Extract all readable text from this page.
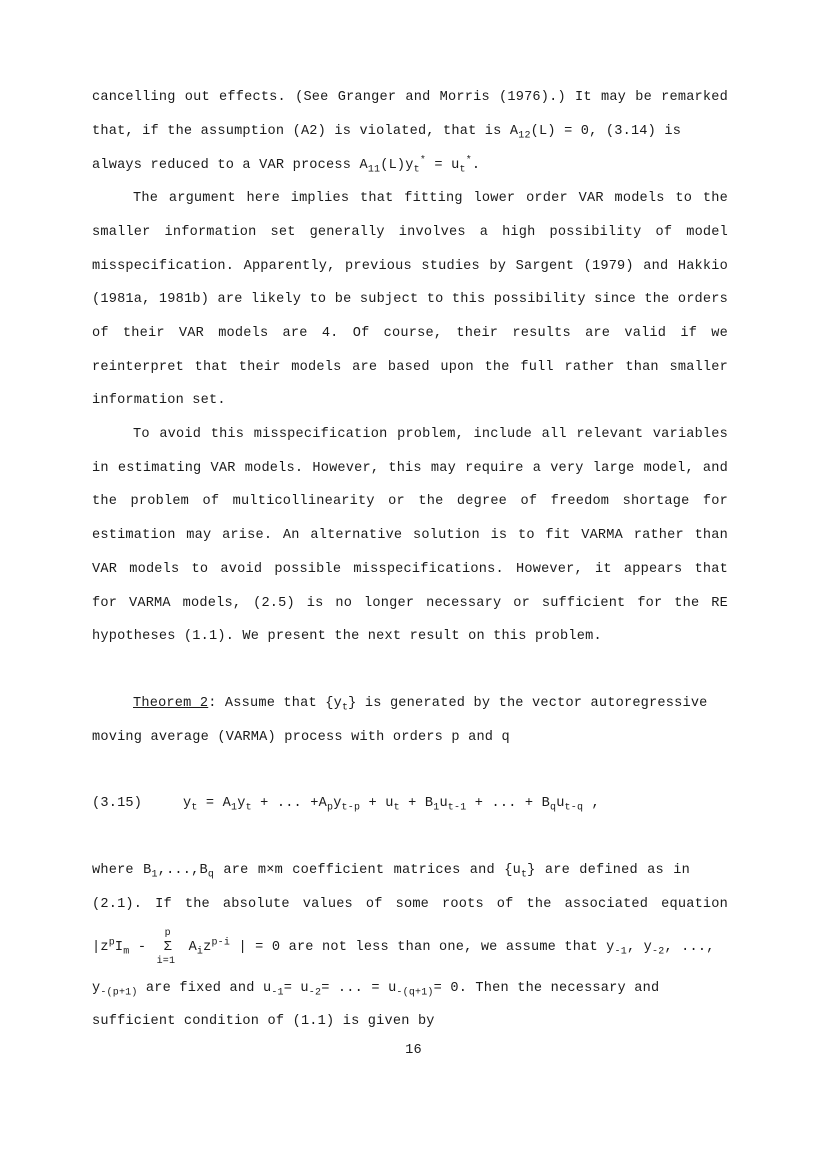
cancelling out effects. (See Granger and Morris (1976).) It may be remarked
that, if the assumption (A2) is violated, that is $A_{12}(L) = 0$, (3.14) is
always reduced to a VAR process $A_{11}(L)y_t^* = u_t^*$.
The argument here implies that fitting lower order VAR models to the
smaller information set generally involves a high possibility of model
misspecification. Apparently, previous studies by Sargent (1979) and Hakkio
(1981a, 1981b) are likely to be subject to this possibility since the orders
of their VAR models are 4. Of course, their results are valid if we
reinterpret that their models are based upon the full rather than smaller
information set.
To avoid this misspecification problem, include all relevant variables
in estimating VAR models. However, this may require a very large model, and
the problem of multicollinearity or the degree of freedom shortage for
estimation may arise. An alternative solution is to fit VARMA rather than
VAR models to avoid possible misspecifications. However, it appears that
for VARMA models, (2.5) is no longer necessary or sufficient for the RE
hypotheses (1.1). We present the next result on this problem.
Theorem 2: Assume that $\{y_t\}$ is generated by the vector autoregressive
moving average (VARMA) process with orders p and q
(3.15)	$y_t = A_1y_t$ + ... $+A_py_{t-p} + u_t + B_1u_{t-1}$ + ... + $B_qu_{t-q}$ ,
where $B_1,...,B_q$ are m×m coefficient matrices and $\{u_t\}$ are defined as in
(2.1). If the absolute values of some roots of the associated equation
$|z^pI_m$ -
p
Σ
i=1
$A_iz^{p-i}$ | = 0 are not less than one, we assume that $y_{-1}$, $y_{-2}$, ...,
$y_{-(p+1)}$ are fixed and $u_{-1}= u_{-2}=$ ... = $u_{-(q+1)}= 0$. Then the necessary and
sufficient condition of (1.1) is given by
16
